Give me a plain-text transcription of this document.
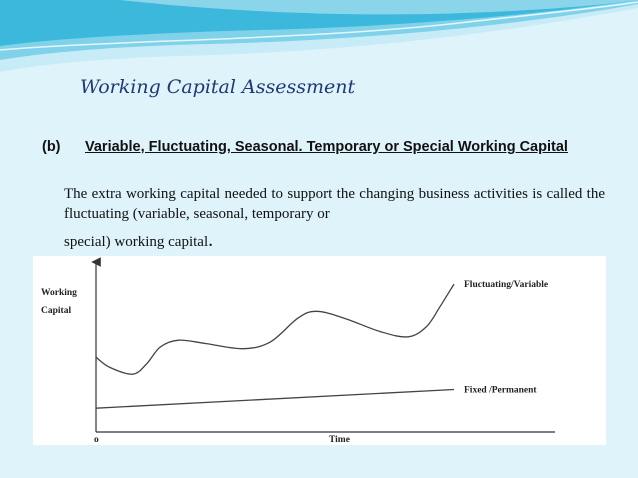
Working Capital Assessment
(b) Variable, Fluctuating, Seasonal. Temporary or Special Working Capital
The extra working capital needed to support the changing business activities is called the fluctuating (variable, seasonal, temporary or
special) working capital.
Working
Capital
Time
o
Fluctuating/Variable
Fixed /Permanent
